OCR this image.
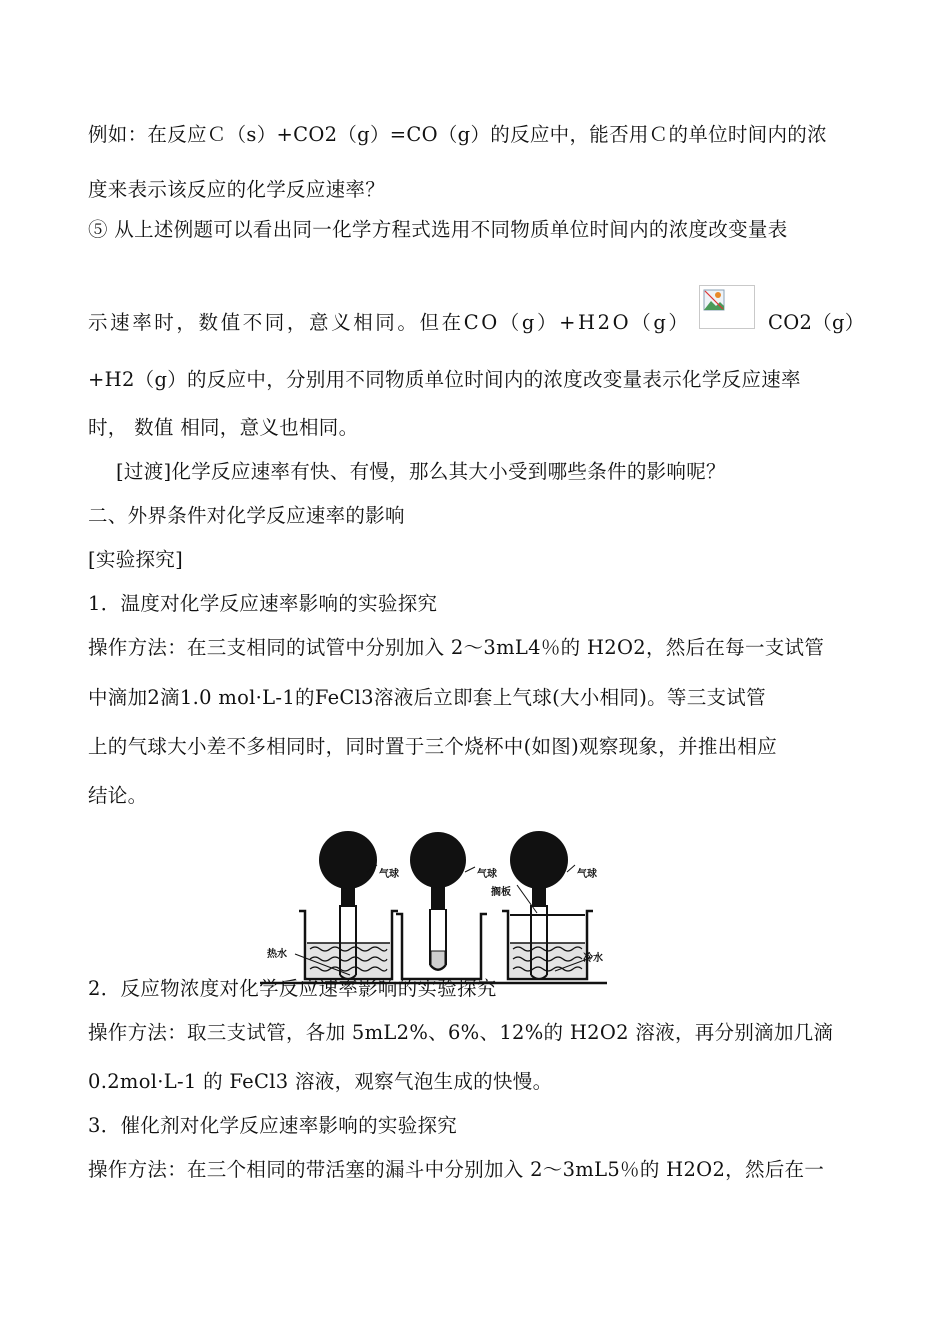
例如：在反应Ｃ（s）+CO2（g）=CO（g）的反应中，能否用Ｃ的单位时间内的浓
度来表示该反应的化学反应速率？
⑤ 从上述例题可以看出同一化学方程式选用不同物质单位时间内的浓度改变量表
示速率时，数值不同，意义相同。但在CO（g）+H2O（g）	CO2（g）
+H2（g）的反应中，分别用不同物质单位时间内的浓度改变量表示化学反应速率
时， 数值 相同，意义也相同。
[过渡]化学反应速率有快、有慢，那么其大小受到哪些条件的影响呢？
二、外界条件对化学反应速率的影响
[实验探究]
1．温度对化学反应速率影响的实验探究
操作方法：在三支相同的试管中分别加入 2～3mL4％的 H2O2，然后在每一支试管
中滴加2滴1.0 mol·L-1的FeCl3溶液后立即套上气球(大小相同)。等三支试管
上的气球大小差不多相同时，同时置于三个烧杯中(如图)观察现象，并推出相应
结论。
气球	气球	气球
搁板
热水	冷水
2．反应物浓度对化学反应速率影响的实验探究
操作方法：取三支试管，各加 5mL2%、6%、12%的 H2O2 溶液，再分别滴加几滴
0.2mol·L-1 的 FeCl3 溶液，观察气泡生成的快慢。
3．催化剂对化学反应速率影响的实验探究
操作方法：在三个相同的带活塞的漏斗中分别加入 2～3mL5％的 H2O2，然后在一
